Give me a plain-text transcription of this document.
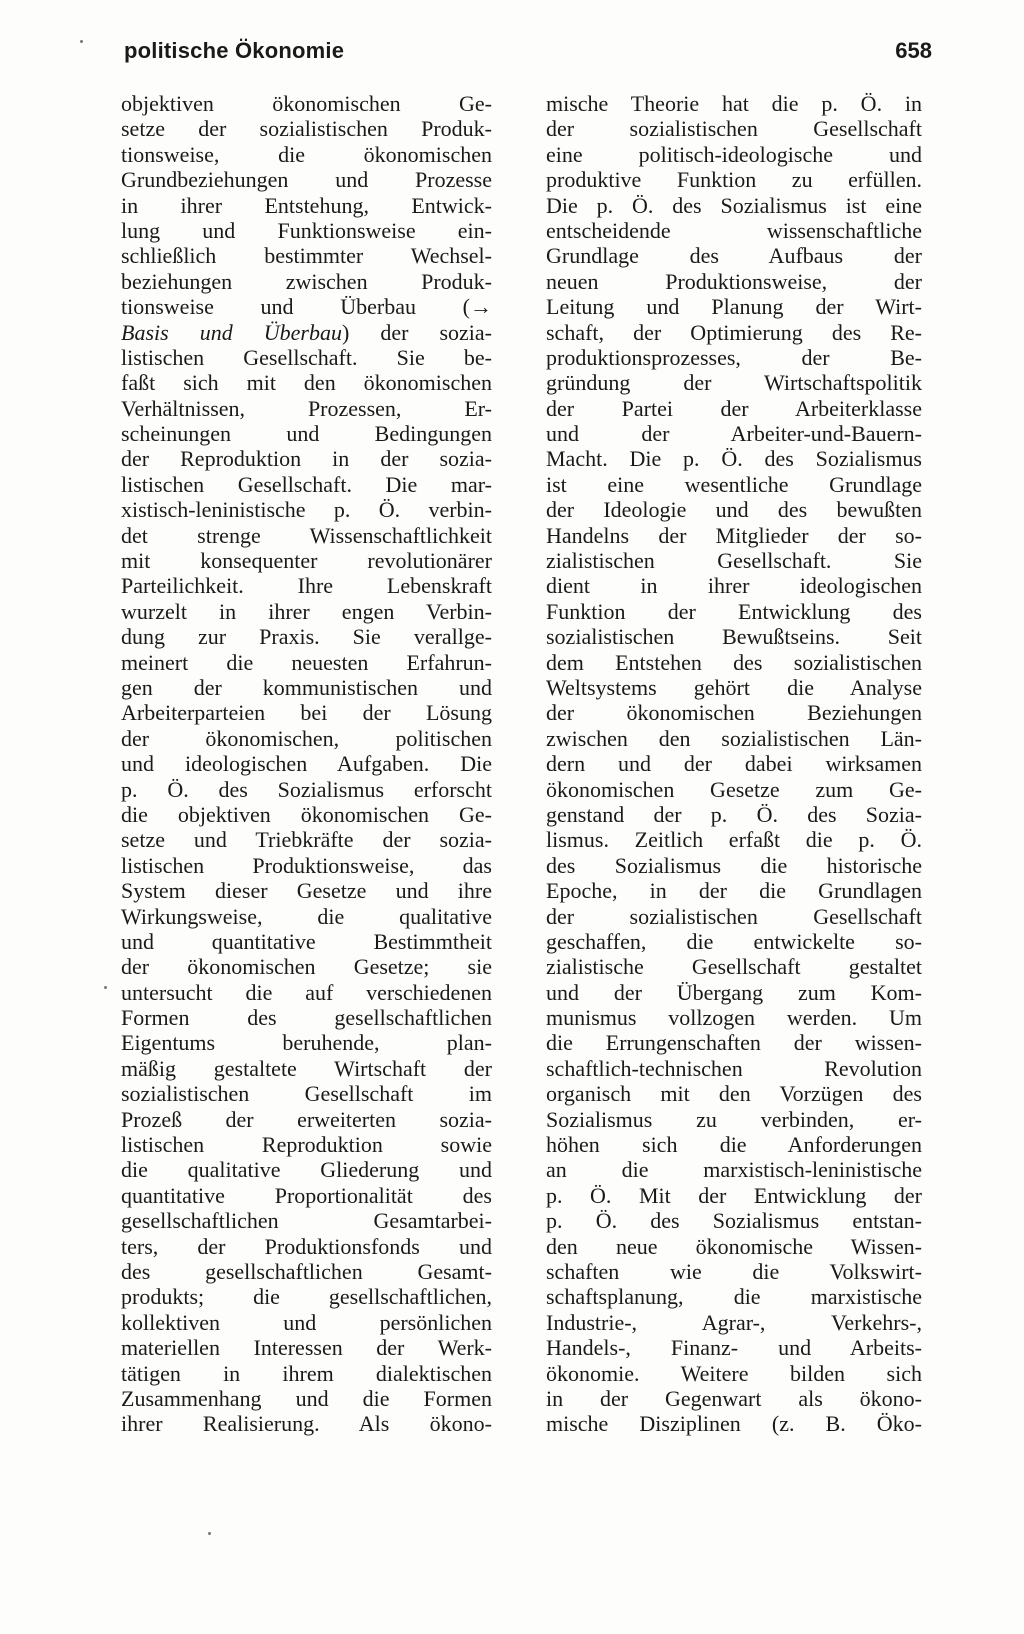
politische Ökonomie	658
objektiven ökonomischen Ge-
setze der sozialistischen Produk-
tionsweise, die ökonomischen
Grundbeziehungen und Prozesse
in ihrer Entstehung, Entwick-
lung und Funktionsweise ein-
schließlich bestimmter Wechsel-
beziehungen zwischen Produk-
tionsweise und Überbau (→
Basis und Überbau) der sozia-
listischen Gesellschaft. Sie be-
faßt sich mit den ökonomischen
Verhältnissen, Prozessen, Er-
scheinungen und Bedingungen
der Reproduktion in der sozia-
listischen Gesellschaft. Die mar-
xistisch-leninistische p. Ö. verbin-
det strenge Wissenschaftlichkeit
mit konsequenter revolutionärer
Parteilichkeit. Ihre Lebenskraft
wurzelt in ihrer engen Verbin-
dung zur Praxis. Sie verallge-
meinert die neuesten Erfahrun-
gen der kommunistischen und
Arbeiterparteien bei der Lösung
der ökonomischen, politischen
und ideologischen Aufgaben. Die
p. Ö. des Sozialismus erforscht
die objektiven ökonomischen Ge-
setze und Triebkräfte der sozia-
listischen Produktionsweise, das
System dieser Gesetze und ihre
Wirkungsweise, die qualitative
und quantitative Bestimmtheit
der ökonomischen Gesetze; sie
untersucht die auf verschiedenen
Formen des gesellschaftlichen
Eigentums beruhende, plan-
mäßig gestaltete Wirtschaft der
sozialistischen Gesellschaft im
Prozeß der erweiterten sozia-
listischen Reproduktion sowie
die qualitative Gliederung und
quantitative Proportionalität des
gesellschaftlichen Gesamtarbei-
ters, der Produktionsfonds und
des gesellschaftlichen Gesamt-
produkts; die gesellschaftlichen,
kollektiven und persönlichen
materiellen Interessen der Werk-
tätigen in ihrem dialektischen
Zusammenhang und die Formen
ihrer Realisierung. Als ökono-
mische Theorie hat die p. Ö. in
der sozialistischen Gesellschaft
eine politisch-ideologische und
produktive Funktion zu erfüllen.
Die p. Ö. des Sozialismus ist eine
entscheidende wissenschaftliche
Grundlage des Aufbaus der
neuen Produktionsweise, der
Leitung und Planung der Wirt-
schaft, der Optimierung des Re-
produktionsprozesses, der Be-
gründung der Wirtschaftspolitik
der Partei der Arbeiterklasse
und der Arbeiter-und-Bauern-
Macht. Die p. Ö. des Sozialismus
ist eine wesentliche Grundlage
der Ideologie und des bewußten
Handelns der Mitglieder der so-
zialistischen Gesellschaft. Sie
dient in ihrer ideologischen
Funktion der Entwicklung des
sozialistischen Bewußtseins. Seit
dem Entstehen des sozialistischen
Weltsystems gehört die Analyse
der ökonomischen Beziehungen
zwischen den sozialistischen Län-
dern und der dabei wirksamen
ökonomischen Gesetze zum Ge-
genstand der p. Ö. des Sozia-
lismus. Zeitlich erfaßt die p. Ö.
des Sozialismus die historische
Epoche, in der die Grundlagen
der sozialistischen Gesellschaft
geschaffen, die entwickelte so-
zialistische Gesellschaft gestaltet
und der Übergang zum Kom-
munismus vollzogen werden. Um
die Errungenschaften der wissen-
schaftlich-technischen Revolution
organisch mit den Vorzügen des
Sozialismus zu verbinden, er-
höhen sich die Anforderungen
an die marxistisch-leninistische
p. Ö. Mit der Entwicklung der
p. Ö. des Sozialismus entstan-
den neue ökonomische Wissen-
schaften wie die Volkswirt-
schaftsplanung, die marxistische
Industrie-, Agrar-, Verkehrs-,
Handels-, Finanz- und Arbeits-
ökonomie. Weitere bilden sich
in der Gegenwart als ökono-
mische Disziplinen (z. B. Öko-
